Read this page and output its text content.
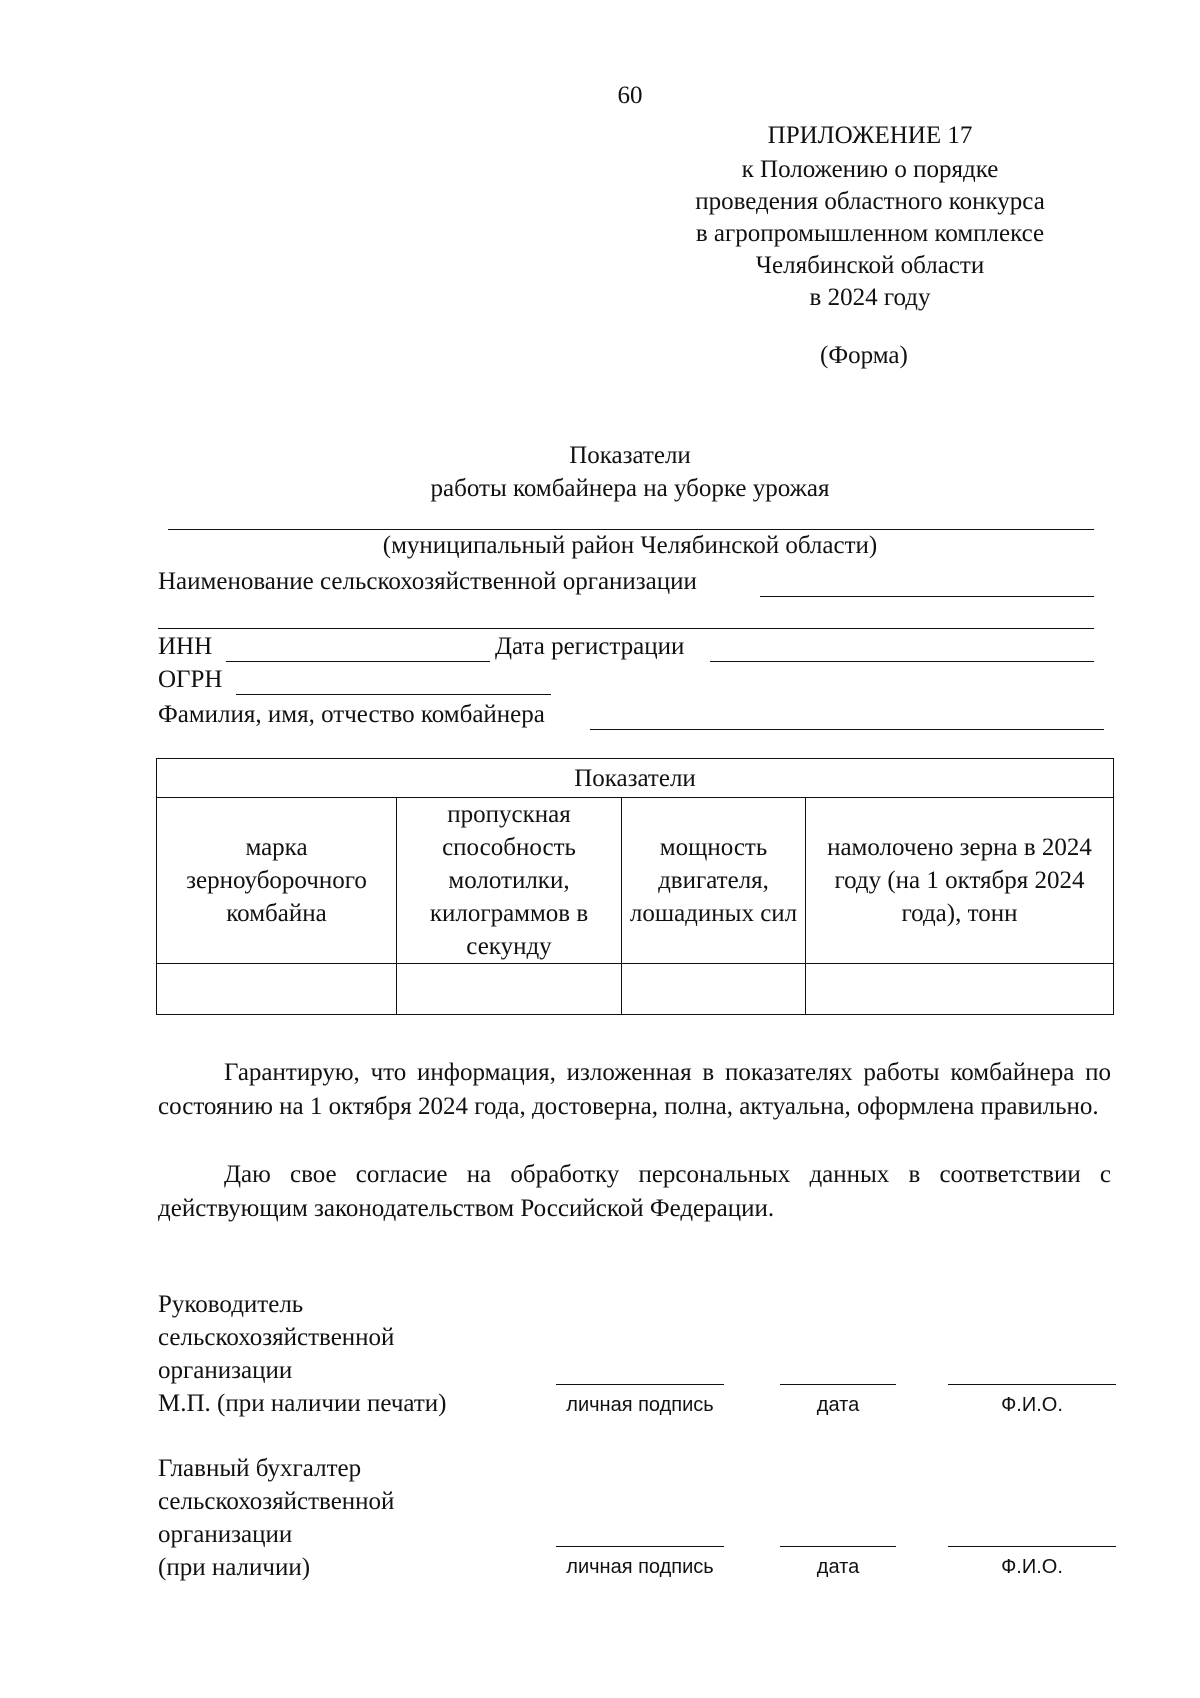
60
ПРИЛОЖЕНИЕ 17
к Положению о порядке
проведения областного конкурса
в агропромышленном комплексе
Челябинской области
в 2024 году
(Форма)
Показатели
работы комбайнера на уборке урожая
(муниципальный район Челябинской области)
Наименование сельскохозяйственной организации
ИНН	Дата регистрации
ОГРН
Фамилия, имя, отчество комбайнера
Показатели			
марка зерноуборочного комбайна	пропускная способность молотилки, килограммов в секунду	мощность двигателя, лошадиных сил	намолочено зерна в 2024 году (на 1 октября 2024 года), тонн

Гарантирую, что информация, изложенная в показателях работы комбайнера по состоянию на 1 октября 2024 года, достоверна, полна, актуальна, оформлена правильно.
Даю свое согласие на обработку персональных данных в соответствии с действующим законодательством Российской Федерации.
Руководитель
сельскохозяйственной
организации
М.П. (при наличии печати)	личная подпись	дата	Ф.И.О.
Главный бухгалтер
сельскохозяйственной
организации
(при наличии)	личная подпись	дата	Ф.И.О.
